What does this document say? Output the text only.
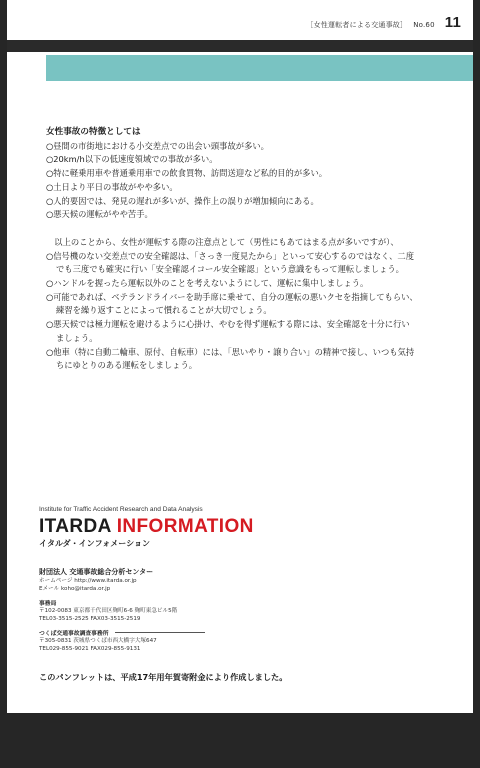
［女性運転者による交通事故］ No.60 11
女性事故の特徴としては
○昼間の市街地における小交差点での出会い頭事故が多い。
○20km/h以下の低速度領域での事故が多い。
○特に軽乗用車や普通乗用車での飲食買物、訪問送迎など私的目的が多い。
○土日より平日の事故がやや多い。
○人的要因では、発見の遅れが多いが、操作上の誤りが増加傾向にある。
○悪天候の運転がやや苦手。
　以上のことから、女性が運転する際の注意点として（男性にもあてはまる点が多いですが）、
○信号機のない交差点での安全確認は、「さっき一度見たから」といって安心するのではなく、二度
でも三度でも確実に行い「安全確認イコール安全確認」という意識をもって運転しましょう。
○ハンドルを握ったら運転以外のことを考えないようにして、運転に集中しましょう。
○可能であれば、ベテランドライバーを助手席に乗せて、自分の運転の悪いクセを指摘してもらい、
練習を繰り返すことによって慣れることが大切でしょう。
○悪天候では極力運転を避けるように心掛け、やむを得ず運転する際には、安全確認を十分に行い
ましょう。
○他車（特に自動二輪車、原付、自転車）には、「思いやり・譲り合い」の精神で接し、いつも気持
ちにゆとりのある運転をしましょう。
Institute for Traffic Accident Research and Data Analysis
ITARDA INFORMATION
イタルダ・インフォメーション
財団法人 交通事故総合分析センター
ホームページ http://www.itarda.or.jp
Eメール koho@itarda.or.jp
事務局
〒102-0083 東京都千代田区麹町6-6 麹町東急ビル5階
TEL03-3515-2525 FAX03-3515-2519
つくば交通事故調査事務所
〒305-0831 茨城県つくば市西大橋字大塚647
TEL029-855-9021 FAX029-855-9131
このパンフレットは、平成17年用年賀寄附金により作成しました。
